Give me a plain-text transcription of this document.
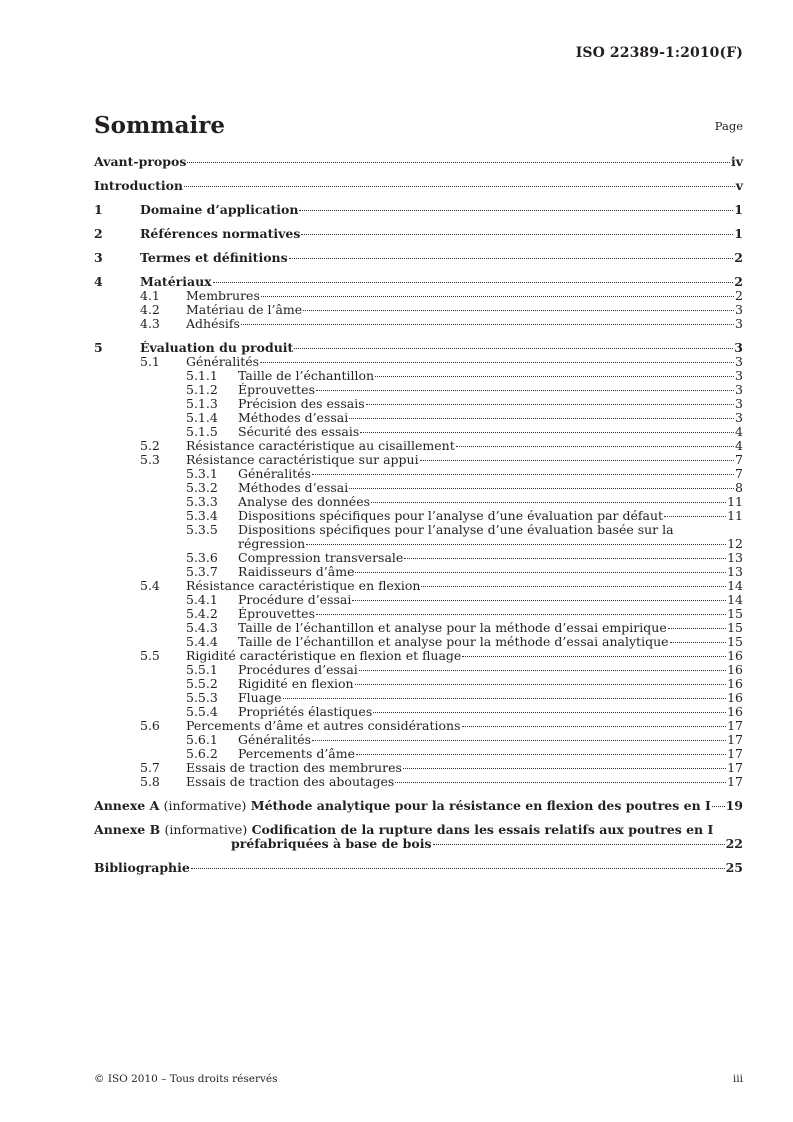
ISO 22389-1:2010(F)
Sommaire	Page
Avant-propos	iv
Introduction	v
1	Domaine d’application	1
2	Références normatives	1
3	Termes et définitions	2
4	Matériaux	2
4.1 Membrures	2
4.2 Matériau de l’âme	3
4.3 Adhésifs	3
5	Évaluation du produit	3
5.1 Généralités	3
5.1.1 Taille de l’échantillon	3
5.1.2 Éprouvettes	3
5.1.3 Précision des essais	3
5.1.4 Méthodes d’essai	3
5.1.5 Sécurité des essais	4
5.2 Résistance caractéristique au cisaillement	4
5.3 Résistance caractéristique sur appui	7
5.3.1 Généralités	7
5.3.2 Méthodes d’essai	8
5.3.3 Analyse des données	11
5.3.4 Dispositions spécifiques pour l’analyse d’une évaluation par défaut	11
5.3.5 Dispositions spécifiques pour l’analyse d’une évaluation basée sur la
régression	12
5.3.6 Compression transversale	13
5.3.7 Raidisseurs d’âme	13
5.4 Résistance caractéristique en flexion	14
5.4.1 Procédure d’essai	14
5.4.2 Éprouvettes	15
5.4.3 Taille de l’échantillon et analyse pour la méthode d’essai empirique	15
5.4.4 Taille de l’échantillon et analyse pour la méthode d’essai analytique	15
5.5 Rigidité caractéristique en flexion et fluage	16
5.5.1 Procédures d’essai	16
5.5.2 Rigidité en flexion	16
5.5.3 Fluage	16
5.5.4 Propriétés élastiques	16
5.6 Percements d’âme et autres considérations	17
5.6.1 Généralités	17
5.6.2 Percements d’âme	17
5.7 Essais de traction des membrures	17
5.8 Essais de traction des aboutages	17
Annexe A (informative) Méthode analytique pour la résistance en flexion des poutres en I 19
Annexe B (informative) Codification de la rupture dans les essais relatifs aux poutres en I
préfabriquées à base de bois	22
Bibliographie	25
© ISO 2010 – Tous droits réservés	iii
